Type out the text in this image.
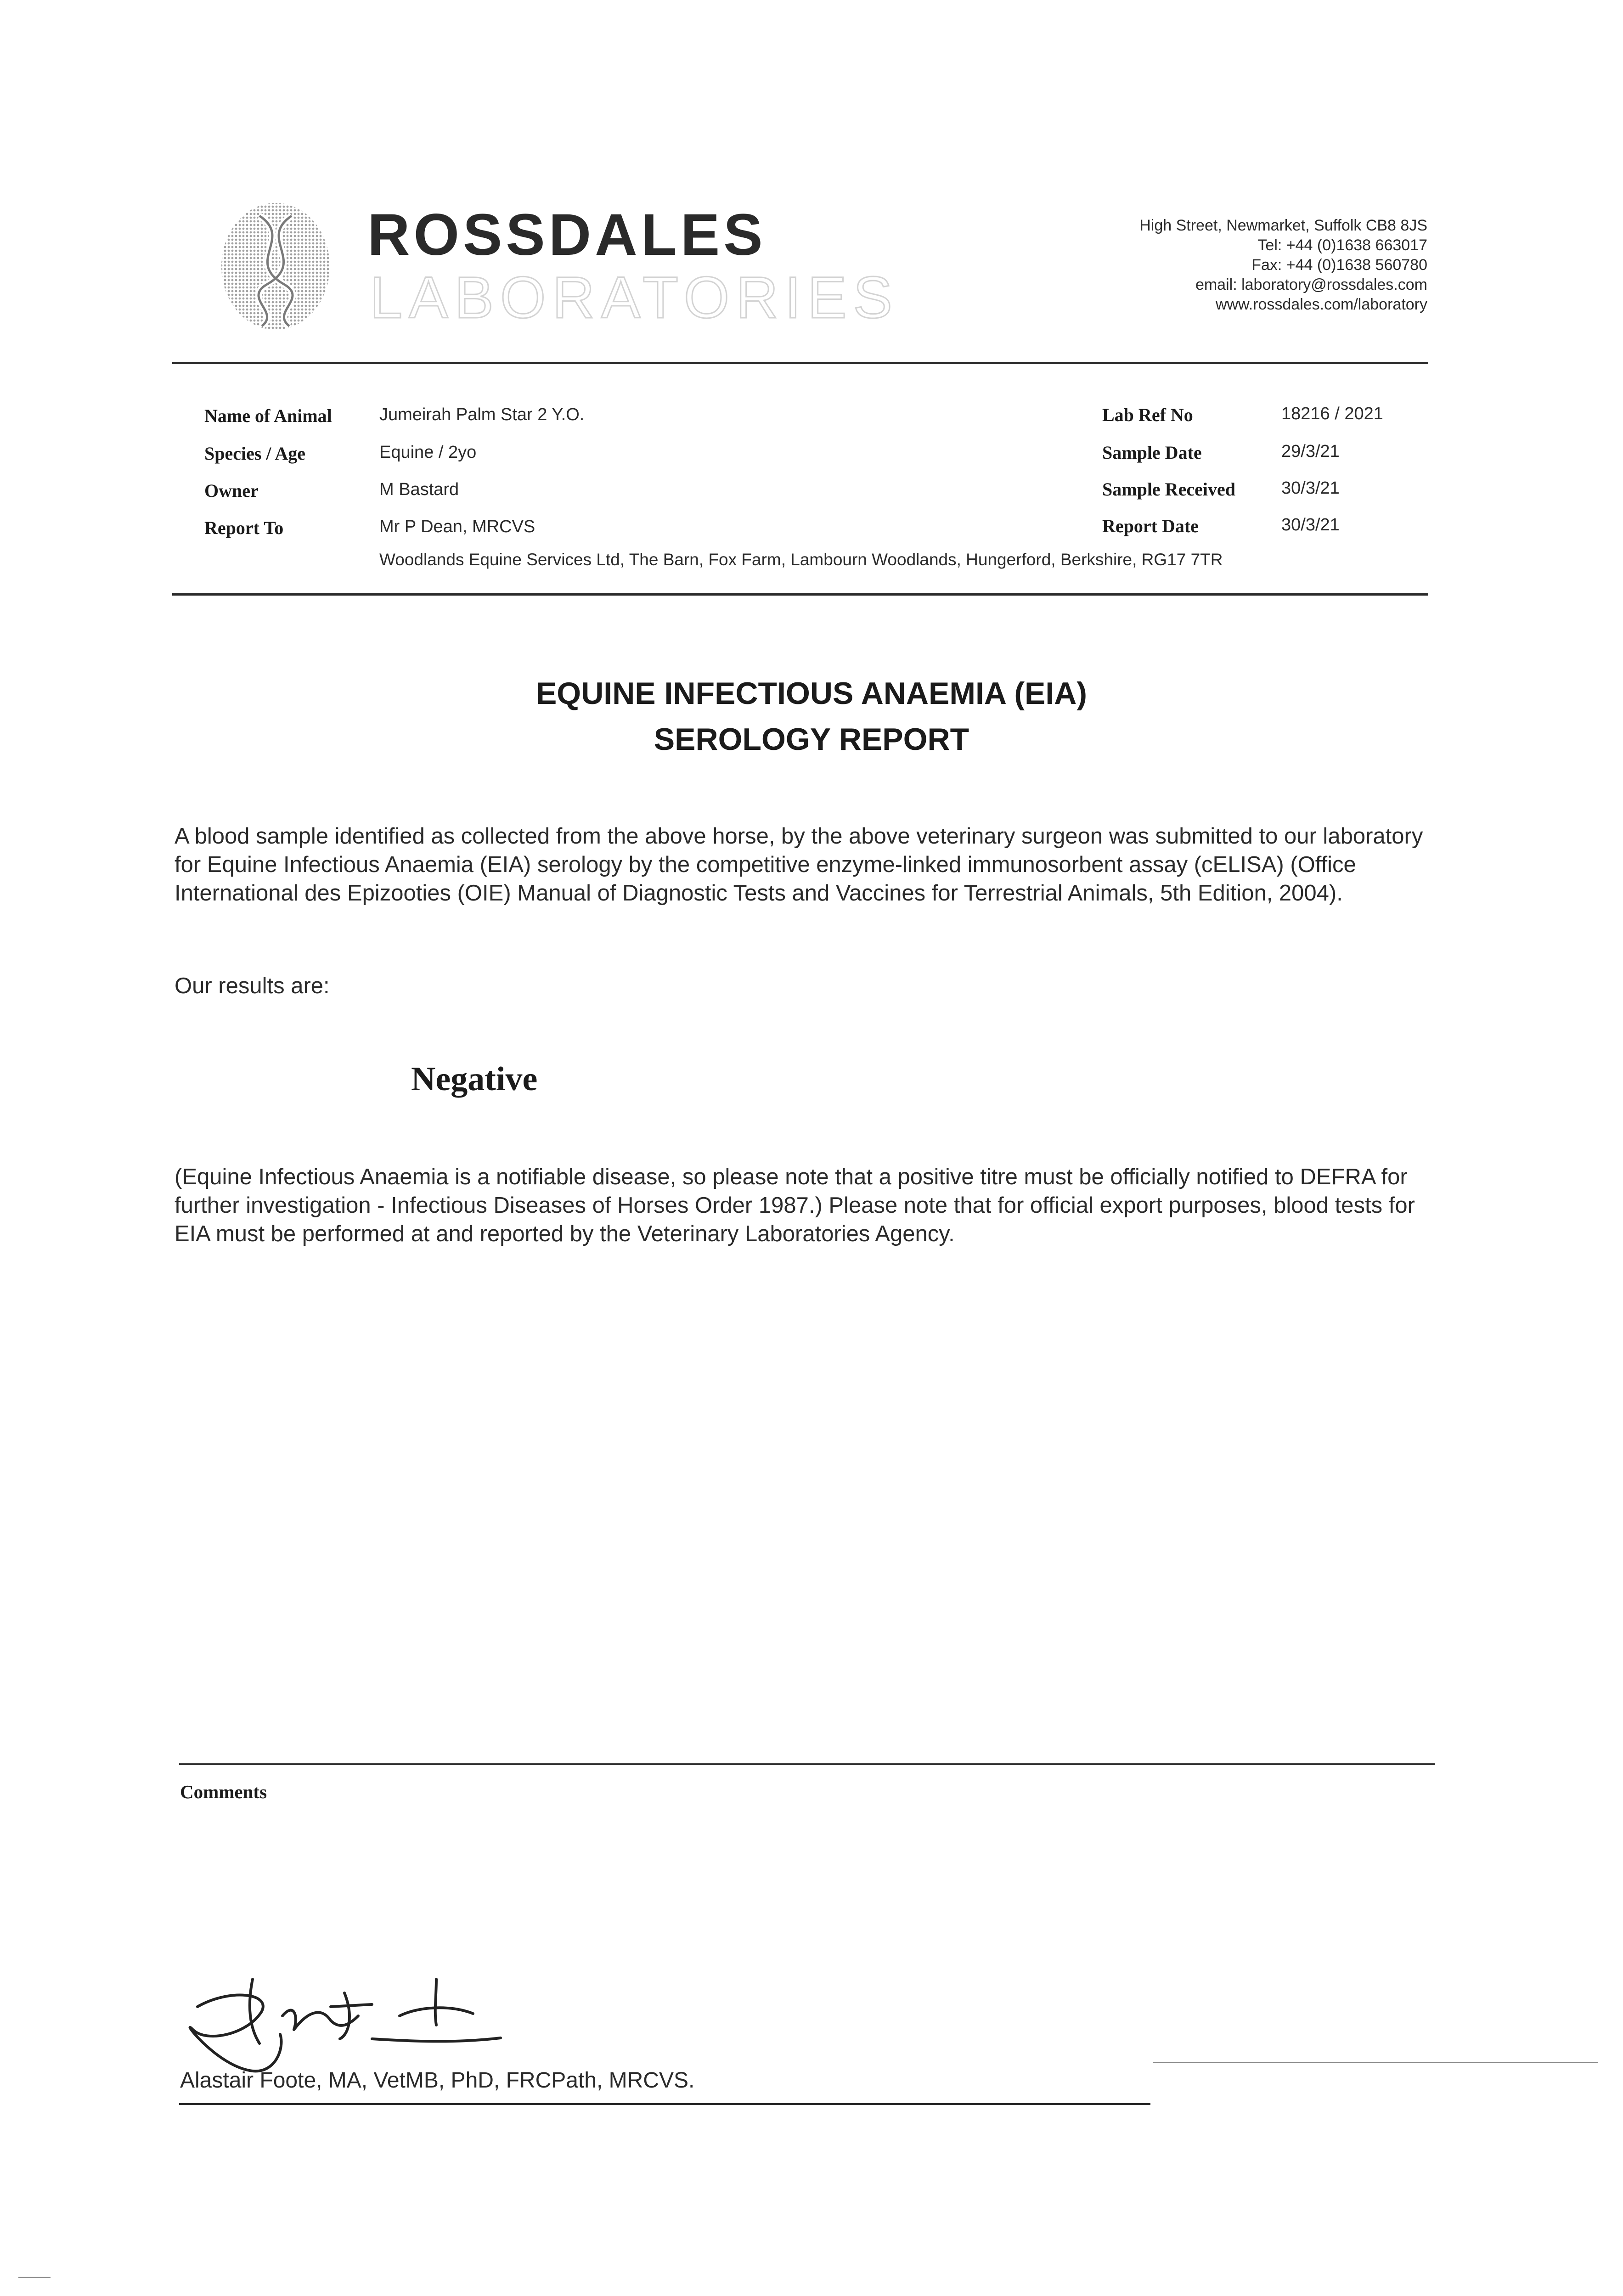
ROSSDALES
LABORATORIES
High Street, Newmarket, Suffolk CB8 8JS
Tel: +44 (0)1638 663017
Fax: +44 (0)1638 560780
email: laboratory@rossdales.com
www.rossdales.com/laboratory
Name of Animal	Jumeirah Palm Star 2 Y.O.
Species / Age	Equine / 2yo
Owner	M Bastard
Report To	Mr P Dean, MRCVS
Woodlands Equine Services Ltd, The Barn, Fox Farm, Lambourn Woodlands, Hungerford, Berkshire, RG17 7TR
Lab Ref No	18216 / 2021
Sample Date	29/3/21
Sample Received	30/3/21
Report Date	30/3/21
EQUINE INFECTIOUS ANAEMIA (EIA)
SEROLOGY REPORT
A blood sample identified as collected from the above horse, by the above veterinary surgeon was submitted to our laboratory for Equine Infectious Anaemia (EIA) serology by the competitive enzyme-linked immunosorbent assay (cELISA) (Office International des Epizooties (OIE) Manual of Diagnostic Tests and Vaccines for Terrestrial Animals, 5th Edition, 2004).
Our results are:
Negative
(Equine Infectious Anaemia is a notifiable disease, so please note that a positive titre must be officially notified to DEFRA for further investigation - Infectious Diseases of Horses Order 1987.) Please note that for official export purposes, blood tests for EIA must be performed at and reported by the Veterinary Laboratories Agency.
Comments
Alastair Foote, MA, VetMB, PhD, FRCPath, MRCVS.
